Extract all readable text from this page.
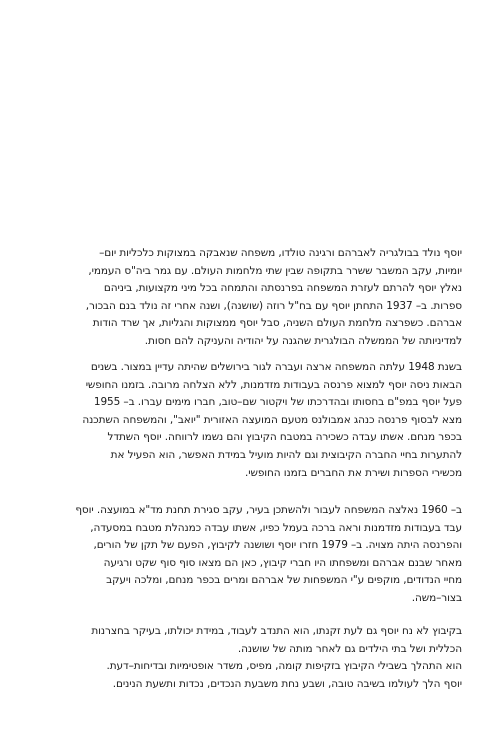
יוסף נולד בבולגריה לאברהם ורגינה טולדו, משפחה שנאבקה במצוקות כלכליות יום–
יומיות, עקב המשבר ששרר בתקופה שבין שתי מלחמות העולם. עם גמר ביה"ס העממי,
נאלץ יוסף להרתם לעזרת המשפחה בפרנסתה והתמחה בכל מיני מקצועות, ביניהם
ספרות. ב– 1937 התחתן יוסף עם בח"ל רוזה (שושנה), ושנה אחרי זה נולד בנם הבכור,
אברהם. כשפרצה מלחמת העולם השניה, סבל יוסף ממצוקות והגליות, אך שרד הודות
למדיניותה של הממשלה הבולגרית שהגנה על יהודיה והעניקה להם חסות.
בשנת 1948 עלתה המשפחה ארצה ועברה לגור בירושלים שהיתה עדיין במצור. בשנים
הבאות ניסה יוסף למצוא פרנסה בעבודות מזדמנות, ללא הצלחה מרובה. בזמנו החופשי
פעל יוסף במפ"ם בחסותו ובהדרכתו של ויקטור שם–טוב, חברו מימים עברו. ב– 1955
מצא לבסוף פרנסה כנהג אמבולנס מטעם המועצה האזורית "יואב", והמשפחה השתכנה
בכפר מנחם. אשתו עבדה כשכירה במטבח הקיבוץ והם נשמו לרווחה. יוסף השתדל
להתערות בחיי החברה הקיבוצית וגם להיות מועיל במידת האפשר, הוא הפעיל את
מכשירי הספרות ושירת את החברים בזמנו החופשי.
ב– 1960 נאלצה המשפחה לעבור ולהשתכן בעיר, עקב סגירת תחנת מד"א במועצה. יוסף
עבד בעבודות מזדמנות וראה ברכה בעמל כפיו, אשתו עבדה כמנהלת מטבח במסעדה,
והפרנסה היתה מצויה. ב– 1979 חזרו יוסף ושושנה לקיבוץ, הפעם של תקן של הורים,
מאחר שבנם אברהם ומשפחתו היו חברי קיבוץ, כאן הם מצאו סוף סוף שקט ורגיעה
מחיי הנדודים, מוקפים ע"י המשפחות של אברהם ומרים בכפר מנחם, ומלכה ויעקב
בצור–משה.
בקיבוץ לא נח יוסף גם לעת זקנתו, הוא התנדב לעבוד, במידת יכולתו, בעיקר בחצרנות
הכללית ושל בתי הילדים גם לאחר מותה של שושנה.
הוא התהלך בשבילי הקיבוץ בזקיפות קומה, מפיס, משדר אופטימיות ובדיחות–דעת.
יוסף הלך לעולמו בשיבה טובה, ושבע נחת משבעת הנכדים, נכדות ותשעת הנינים.
